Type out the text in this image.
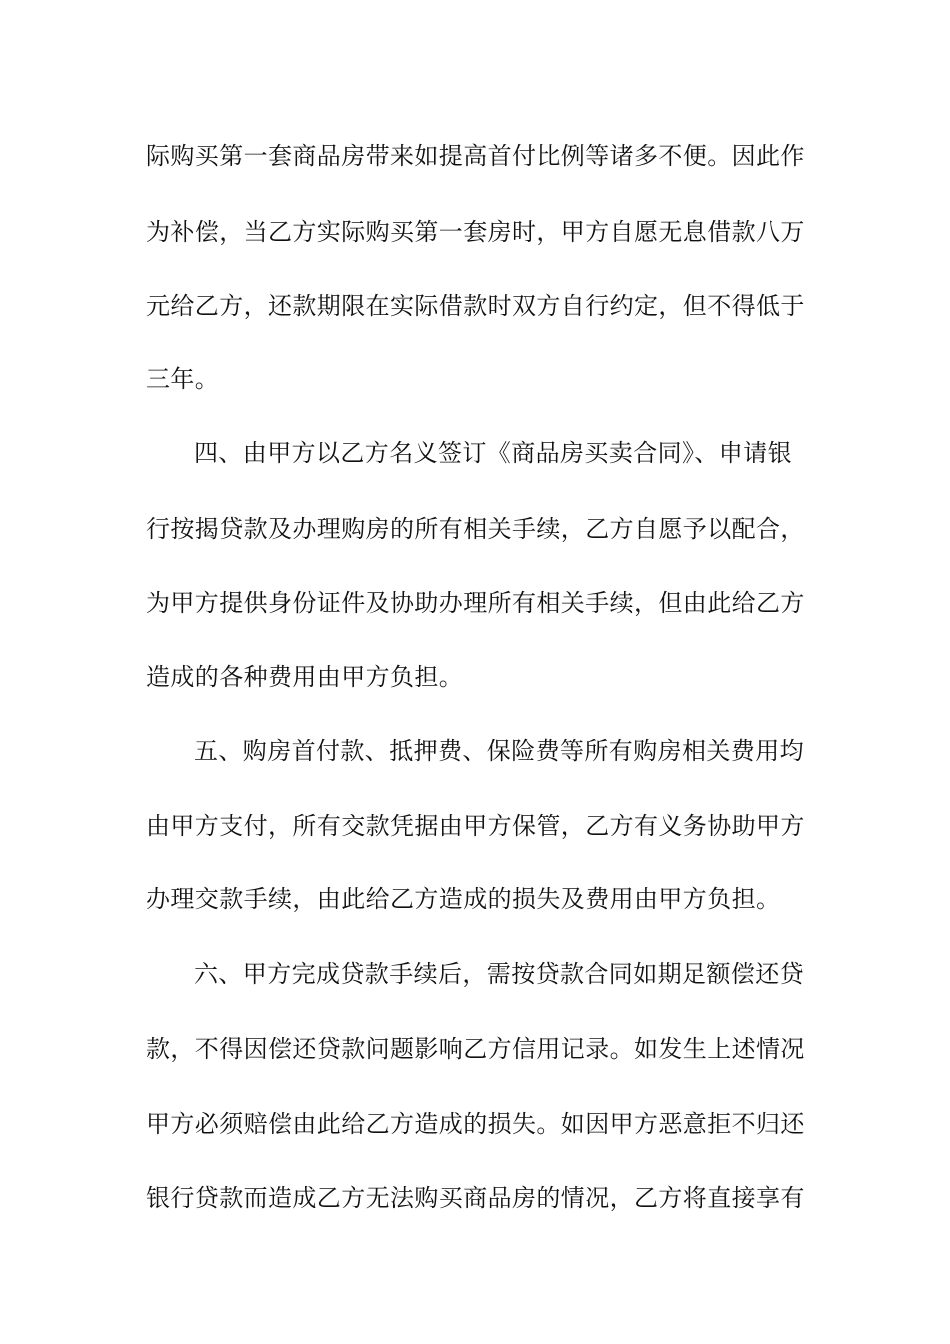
际购买第一套商品房带来如提高首付比例等诸多不便。因此作
为补偿，当乙方实际购买第一套房时，甲方自愿无息借款八万
元给乙方，还款期限在实际借款时双方自行约定，但不得低于
三年。
四、由甲方以乙方名义签订《商品房买卖合同》、申请银
行按揭贷款及办理购房的所有相关手续，乙方自愿予以配合，
为甲方提供身份证件及协助办理所有相关手续，但由此给乙方
造成的各种费用由甲方负担。
五、购房首付款、抵押费、保险费等所有购房相关费用均
由甲方支付，所有交款凭据由甲方保管，乙方有义务协助甲方
办理交款手续，由此给乙方造成的损失及费用由甲方负担。
六、甲方完成贷款手续后，需按贷款合同如期足额偿还贷
款，不得因偿还贷款问题影响乙方信用记录。如发生上述情况
甲方必须赔偿由此给乙方造成的损失。如因甲方恶意拒不归还
银行贷款而造成乙方无法购买商品房的情况，乙方将直接享有
